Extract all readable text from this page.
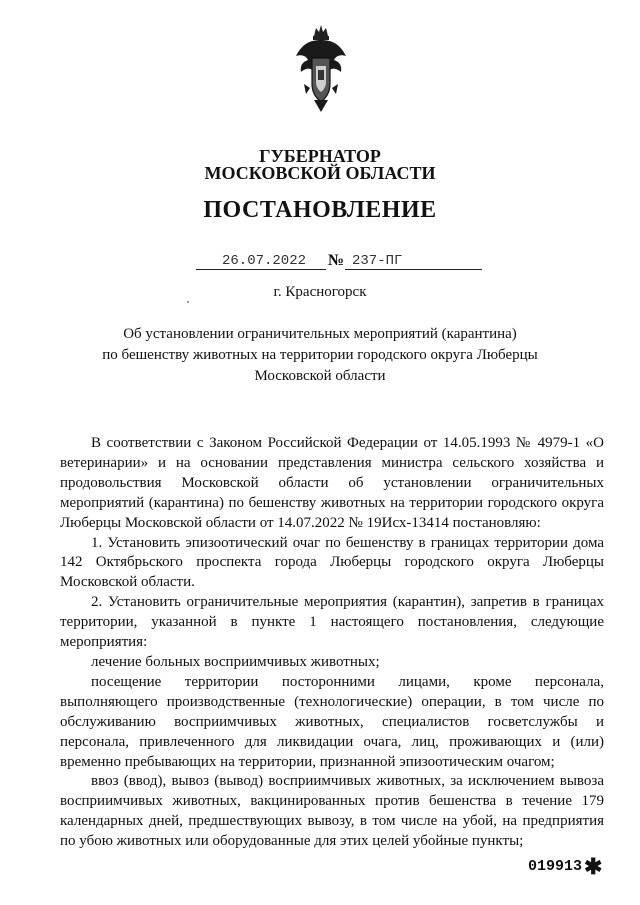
ГУБЕРНАТОР
МОСКОВСКОЙ ОБЛАСТИ
ПОСТАНОВЛЕНИЕ
26.07.2022 № 237-ПГ
г. Красногорск
Об установлении ограничительных мероприятий (карантина)
по бешенству животных на территории городского округа Люберцы
Московской области

В соответствии с Законом Российской Федерации от 14.05.1993 № 4979-1 «О ветеринарии» и на основании представления министра сельского хозяйства и продовольствия Московской области об установлении ограничительных мероприятий (карантина) по бешенству животных на территории городского округа Люберцы Московской области от 14.07.2022 № 19Исх-13414 постановляю:

1. Установить эпизоотический очаг по бешенству в границах территории дома 142 Октябрьского проспекта города Люберцы городского округа Люберцы Московской области.

2. Установить ограничительные мероприятия (карантин), запретив в границах территории, указанной в пункте 1 настоящего постановления, следующие мероприятия:

лечение больных восприимчивых животных;

посещение территории посторонними лицами, кроме персонала, выполняющего производственные (технологические) операции, в том числе по обслуживанию восприимчивых животных, специалистов госветслужбы и персонала, привлеченного для ликвидации очага, лиц, проживающих и (или) временно пребывающих на территории, признанной эпизоотическим очагом;

ввоз (ввод), вывоз (вывод) восприимчивых животных, за исключением вывоза восприимчивых животных, вакцинированных против бешенства в течение 179 календарных дней, предшествующих вывозу, в том числе на убой, на предприятия по убою животных или оборудованные для этих целей убойные пункты;

019913 ✱
